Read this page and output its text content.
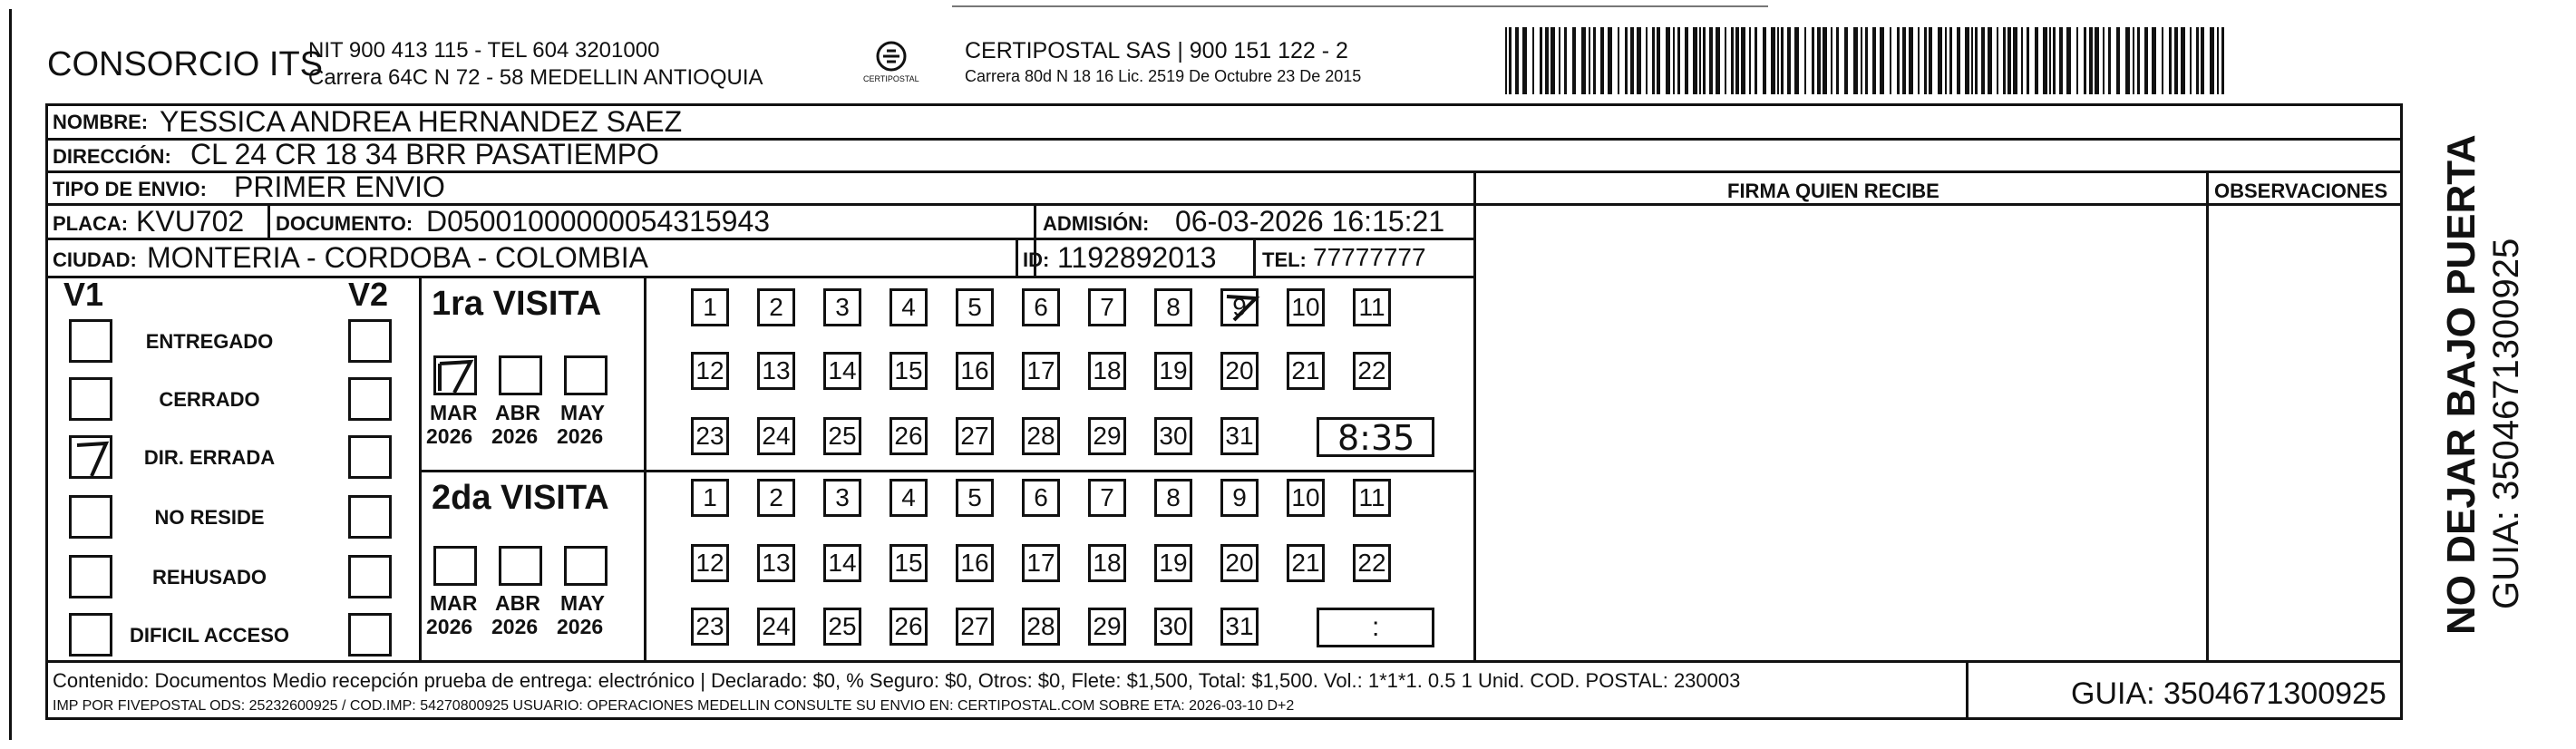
CONSORCIO ITS
NIT 900 413 115 - TEL 604 3201000
Carrera 64C N 72 - 58 MEDELLIN ANTIOQUIA	CERTIPOSTAL
CERTIPOSTAL SAS | 900 151 122 - 2
Carrera 80d N 18 16 Lic. 2519 De Octubre 23 De 2015
NOMBRE: YESSICA ANDREA HERNANDEZ SAEZ
DIRECCIÓN: CL 24 CR 18 34 BRR PASATIEMPO
TIPO DE ENVIO: PRIMER ENVIO	FIRMA QUIEN RECIBE	OBSERVACIONES
PLACA: KVU702 DOCUMENTO: D05001000000054315943	ADMISIÓN: 06-03-2026 16:15:21
CIUDAD: MONTERIA - CORDOBA - COLOMBIA	ID: 1192892013 TEL: 77777777
V1	V2
ENTREGADO
CERRADO
DIR. ERRADA
NO RESIDE
REHUSADO
DIFICIL ACCESO
1ra VISITA
2da VISITA
MAR
2026
ABR
2026
MAY
2026
MAR
2026
ABR
2026
MAY
2026
1	2	3	4	5	6	7	8	9	10 11
12 13 14 15 16 17 18 19 20 21 22
23 24 25 26 27 28 29 30 31
1	2	3	4	5	6	7	8	9	10 11
12 13 14 15 16 17 18 19 20 21 22
23 24 25 26 27 28 29 30 31
8:35
:
Contenido: Documentos Medio recepción prueba de entrega: electrónico | Declarado: $0, % Seguro: $0, Otros: $0, Flete: $1,500, Total: $1,500. Vol.: 1*1*1. 0.5 1 Unid. COD. POSTAL: 230003
IMP POR FIVEPOSTAL ODS: 25232600925 / COD.IMP: 54270800925 USUARIO: OPERACIONES MEDELLIN CONSULTE SU ENVIO EN: CERTIPOSTAL.COM SOBRE ETA: 2026-03-10 D+2	GUIA: 3504671300925
NO DEJAR BAJO PUERTA GUIA: 3504671300925
